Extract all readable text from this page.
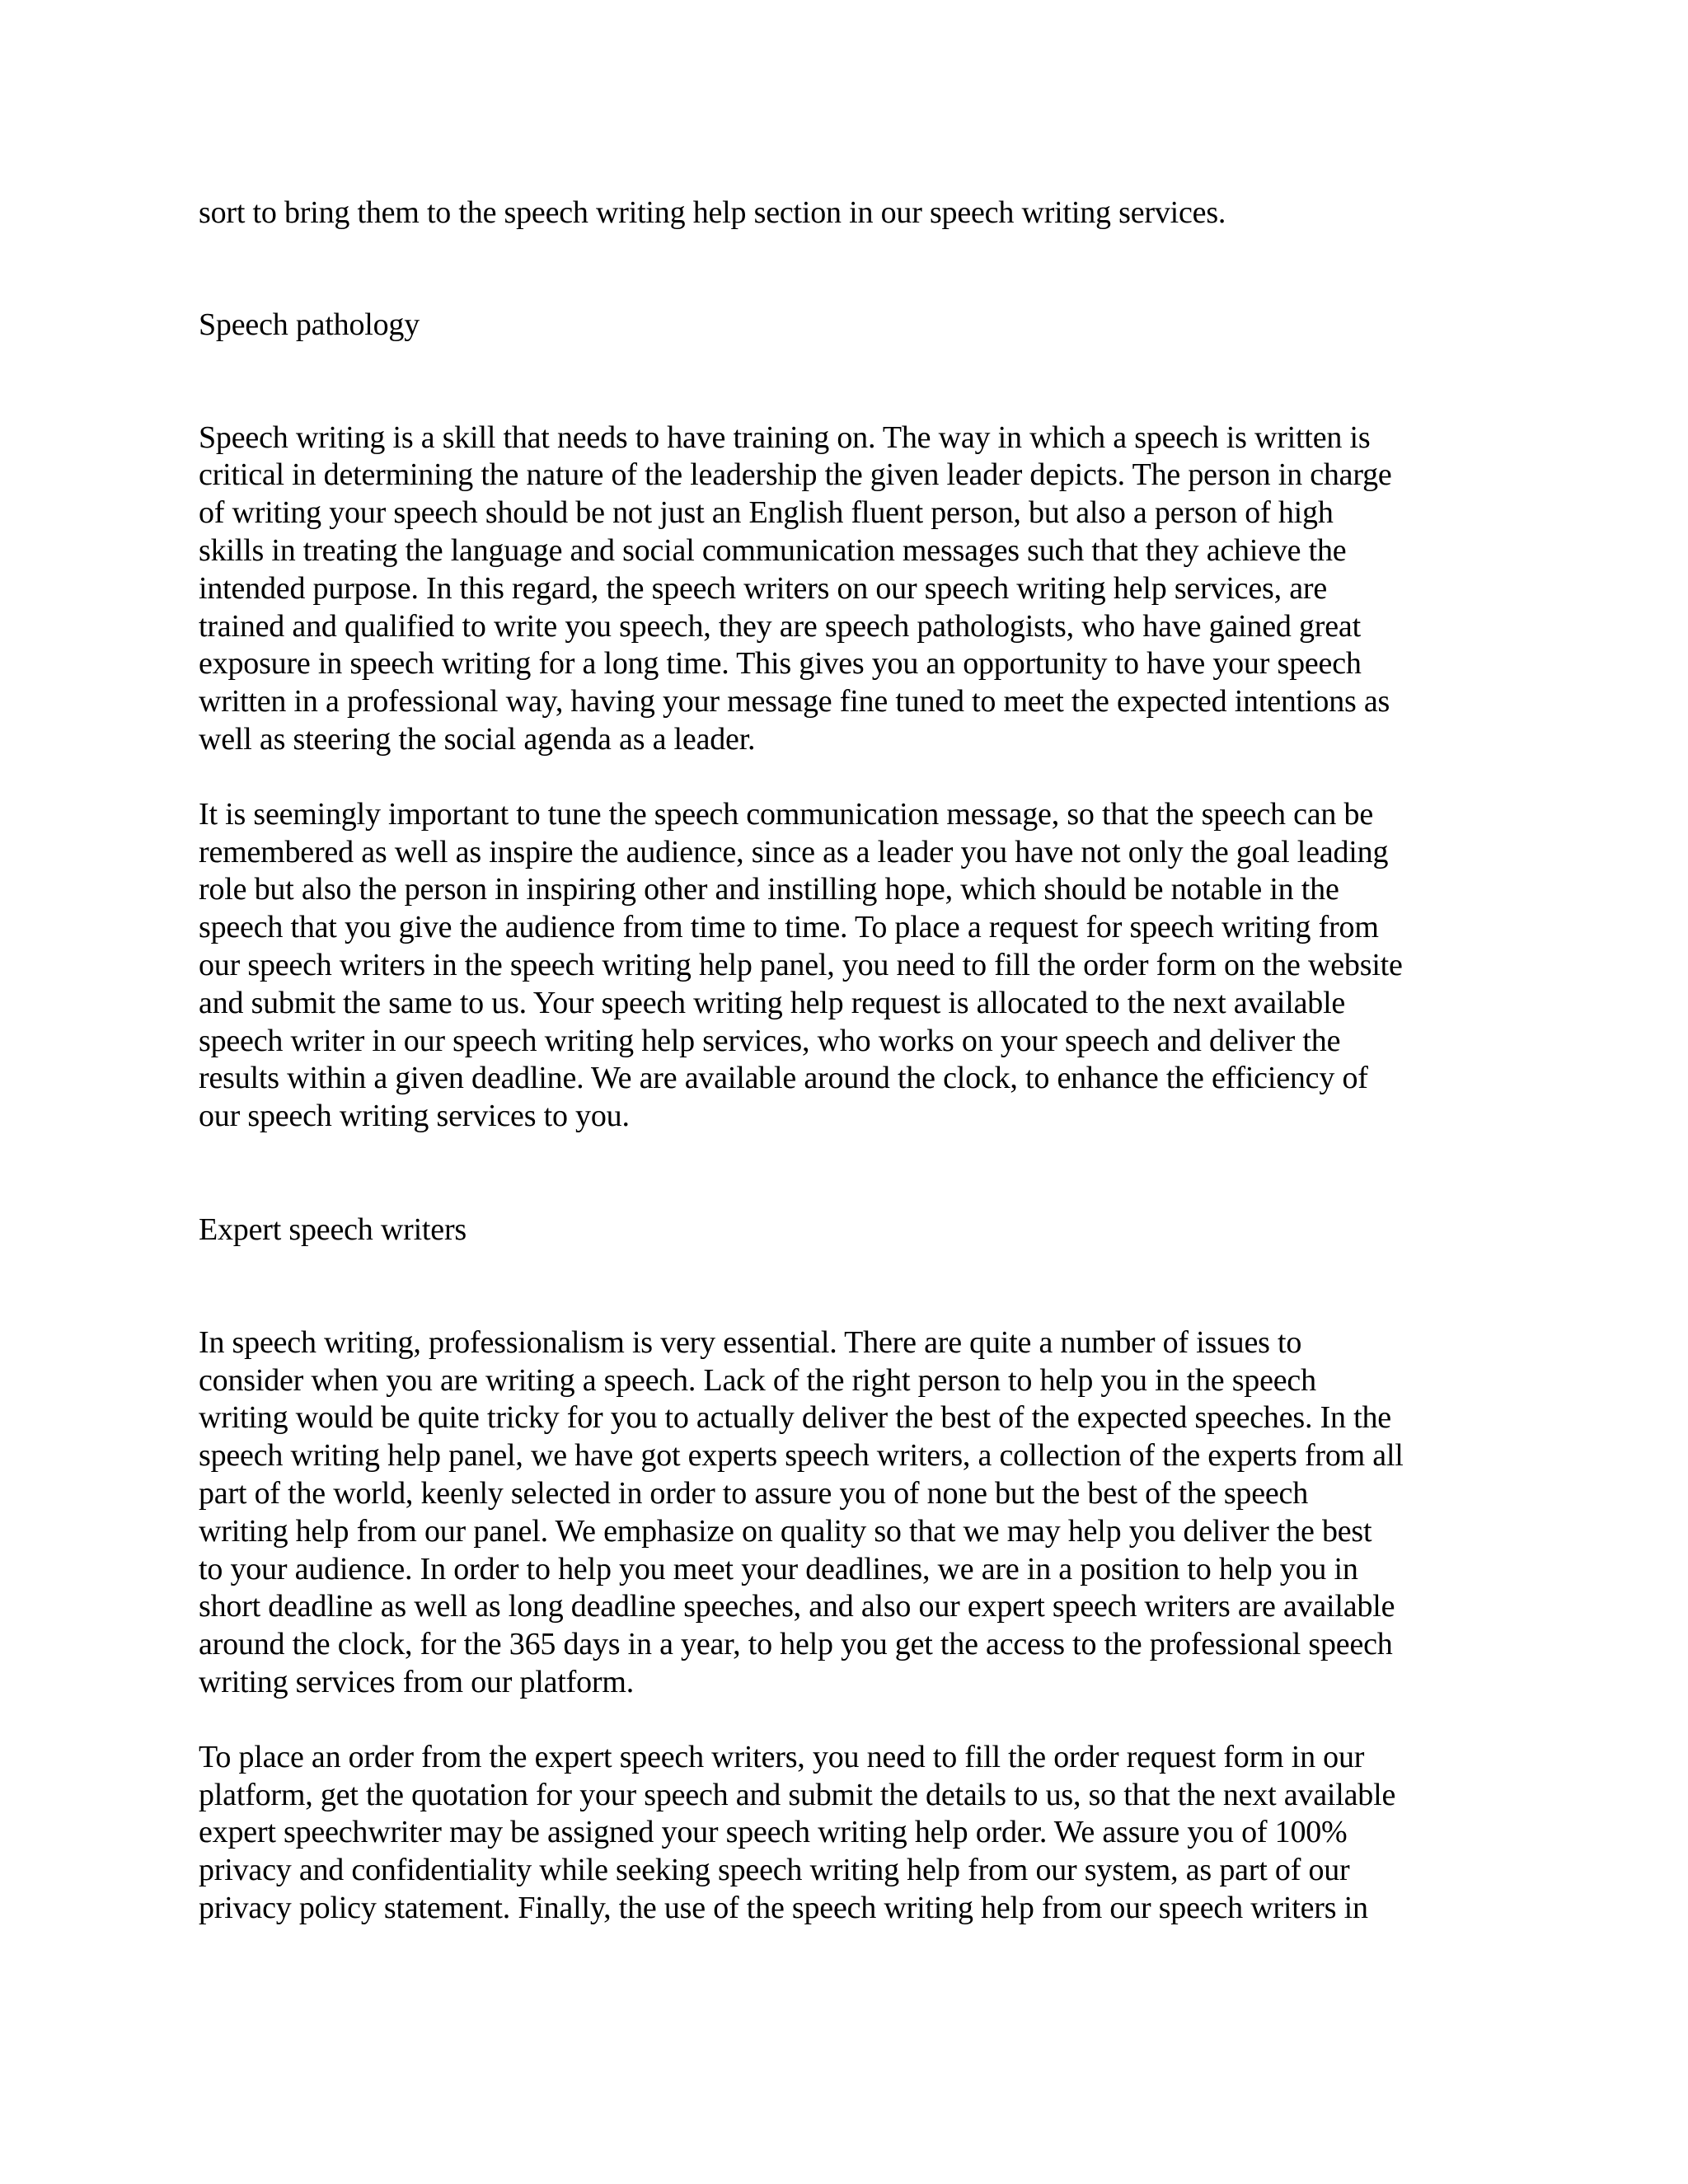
sort to bring them to the speech writing help section in our speech writing services.

Speech pathology

Speech writing is a skill that needs to have training on. The way in which a speech is written is
critical in determining the nature of the leadership the given leader depicts. The person in charge
of writing your speech should be not just an English fluent person, but also a person of high
skills in treating the language and social communication messages such that they achieve the
intended purpose. In this regard, the speech writers on our speech writing help services, are
trained and qualified to write you speech, they are speech pathologists, who have gained great
exposure in speech writing for a long time. This gives you an opportunity to have your speech
written in a professional way, having your message fine tuned to meet the expected intentions as
well as steering the social agenda as a leader.

It is seemingly important to tune the speech communication message, so that the speech can be
remembered as well as inspire the audience, since as a leader you have not only the goal leading
role but also the person in inspiring other and instilling hope, which should be notable in the
speech that you give the audience from time to time. To place a request for speech writing from
our speech writers in the speech writing help panel, you need to fill the order form on the website
and submit the same to us. Your speech writing help request is allocated to the next available
speech writer in our speech writing help services, who works on your speech and deliver the
results within a given deadline. We are available around the clock, to enhance the efficiency of
our speech writing services to you.

Expert speech writers

In speech writing, professionalism is very essential. There are quite a number of issues to
consider when you are writing a speech. Lack of the right person to help you in the speech
writing would be quite tricky for you to actually deliver the best of the expected speeches. In the
speech writing help panel, we have got experts speech writers, a collection of the experts from all
part of the world, keenly selected in order to assure you of none but the best of the speech
writing help from our panel. We emphasize on quality so that we may help you deliver the best
to your audience. In order to help you meet your deadlines, we are in a position to help you in
short deadline as well as long deadline speeches, and also our expert speech writers are available
around the clock, for the 365 days in a year, to help you get the access to the professional speech
writing services from our platform.

To place an order from the expert speech writers, you need to fill the order request form in our
platform, get the quotation for your speech and submit the details to us, so that the next available
expert speechwriter may be assigned your speech writing help order. We assure you of 100%
privacy and confidentiality while seeking speech writing help from our system, as part of our
privacy policy statement. Finally, the use of the speech writing help from our speech writers in
